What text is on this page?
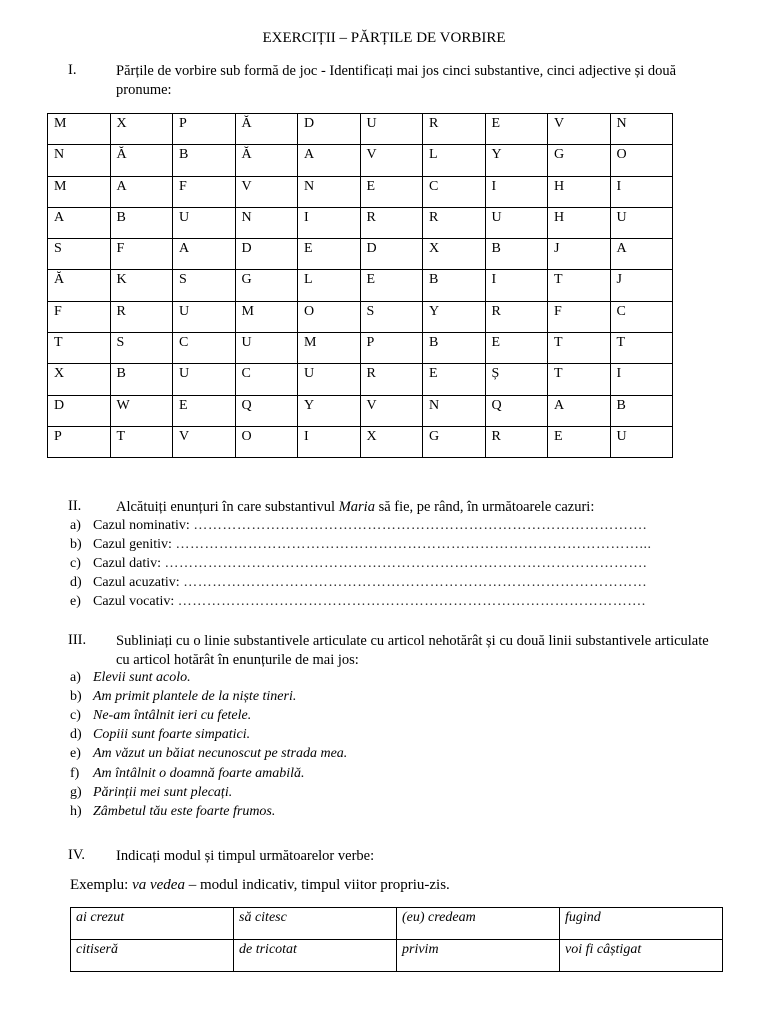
EXERCIȚII – PĂRȚILE DE VORBIRE
I.	Părțile de vorbire sub formă de joc - Identificați mai jos cinci substantive, cinci adjective și două pronume:
M	X	P	Ă	D	U	R	E	V	N
N	Ă	B	Ă	A	V	L	Y	G	O
M	A	F	V	N	E	C	I	H	I
A	B	U	N	I	R	R	U	H	U
S	F	A	D	E	D	X	B	J	A
Ă	K	S	G	L	E	B	I	T	J
F	R	U	M	O	S	Y	R	F	C
T	S	C	U	M	P	B	E	T	T
X	B	U	C	U	R	E	Ș	T	I
D	W	E	Q	Y	V	N	Q	A	B
P	T	V	O	I	X	G	R	E	U
II. Alcătuiți enunțuri în care substantivul Maria să fie, pe rând, în următoarele cazuri:
a) Cazul nominativ: ………………………………………………………………………………….
b) Cazul genitiv: ……………………………………………………………………………………...
c) Cazul dativ: ……………………………………………………………………………………….
d) Cazul acuzativ: ……………………………………………………………………………………
e) Cazul vocativ: …………………………………………………………………………………….
III. Subliniați cu o linie substantivele articulate cu articol nehotărât și cu două linii substantivele articulate cu articol hotărât în enunțurile de mai jos:
a) Elevii sunt acolo.
b) Am primit plantele de la niște tineri.
c) Ne-am întâlnit ieri cu fetele.
d) Copiii sunt foarte simpatici.
e) Am văzut un băiat necunoscut pe strada mea.
f) Am întâlnit o doamnă foarte amabilă.
g) Părinții mei sunt plecați.
h) Zâmbetul tău este foarte frumos.
IV. Indicați modul și timpul următoarelor verbe:
Exemplu: va vedea – modul indicativ, timpul viitor propriu-zis.
ai crezut	să citesc	(eu) credeam	fugind
citiseră	de tricotat	privim	voi fi câștigat
